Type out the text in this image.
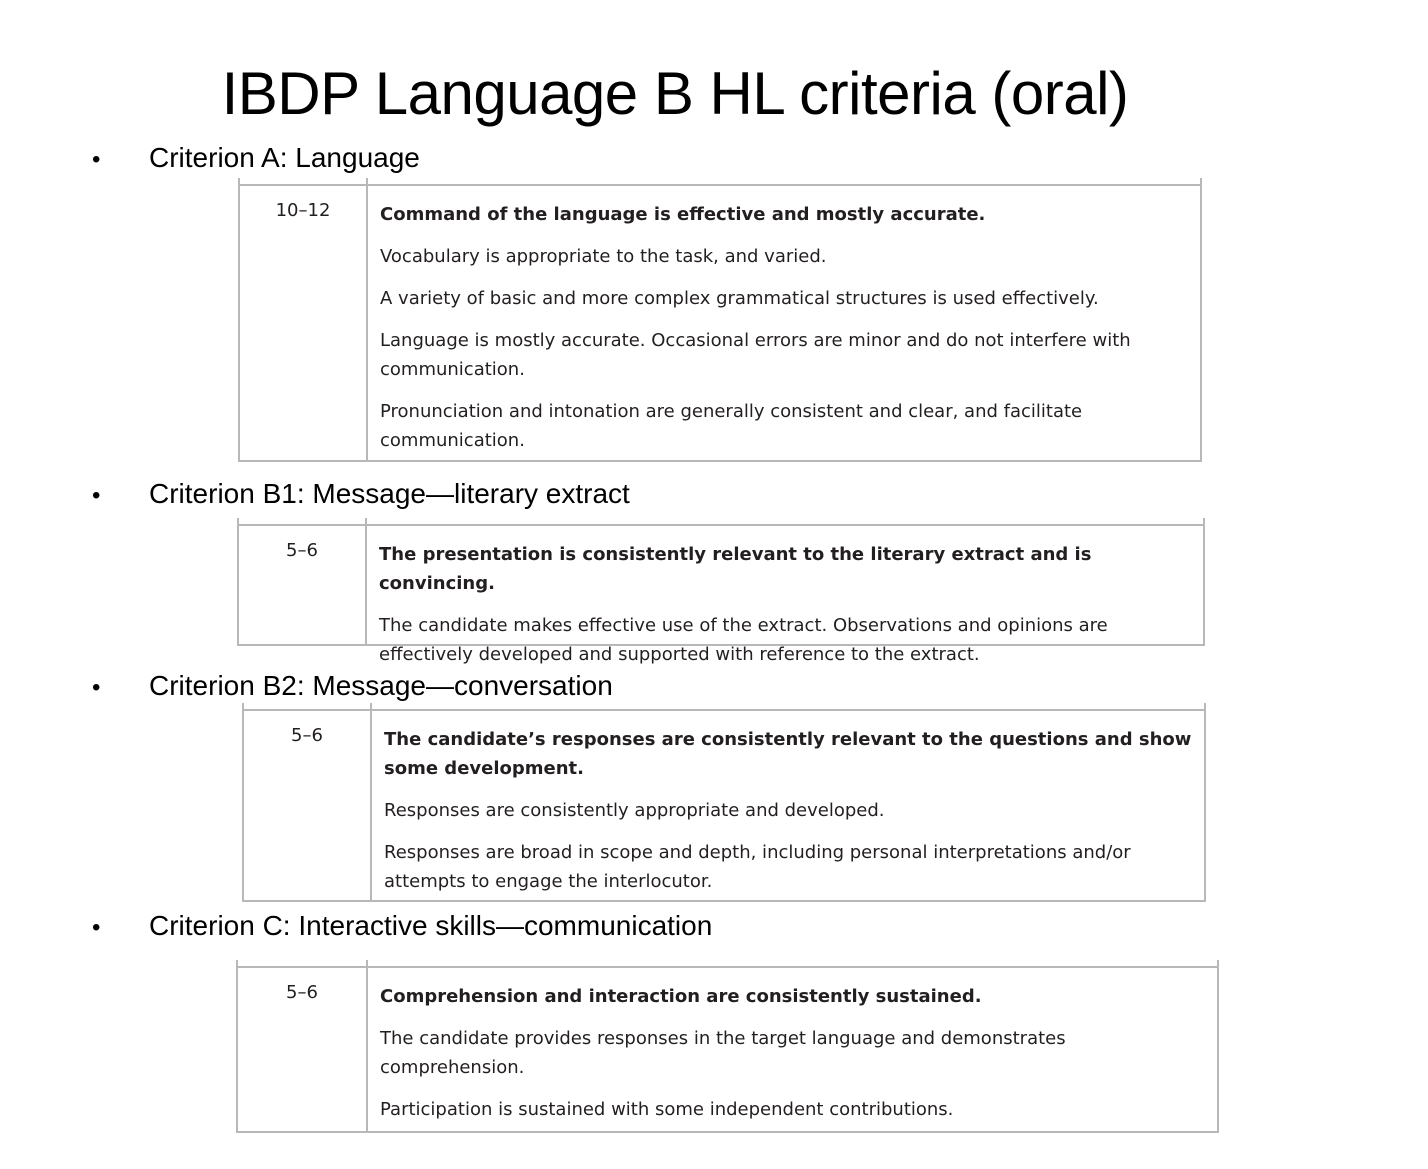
IBDP Language B HL criteria (oral)
• Criterion A: Language
10–12	Command of the language is effective and mostly accurate.

Vocabulary is appropriate to the task, and varied.

A variety of basic and more complex grammatical structures is used effectively.

Language is mostly accurate. Occasional errors are minor and do not interfere with communication.

Pronunciation and intonation are generally consistent and clear, and facilitate communication.

• Criterion B1: Message—literary extract
5–6	The presentation is consistently relevant to the literary extract and is convincing.

The candidate makes effective use of the extract. Observations and opinions are effectively developed and supported with reference to the extract.

• Criterion B2: Message—conversation
5–6	The candidate’s responses are consistently relevant to the questions and show some development.

Responses are consistently appropriate and developed.

Responses are broad in scope and depth, including personal interpretations and/or attempts to engage the interlocutor.

• Criterion C: Interactive skills—communication
5–6	Comprehension and interaction are consistently sustained.

The candidate provides responses in the target language and demonstrates comprehension.

Participation is sustained with some independent contributions.
